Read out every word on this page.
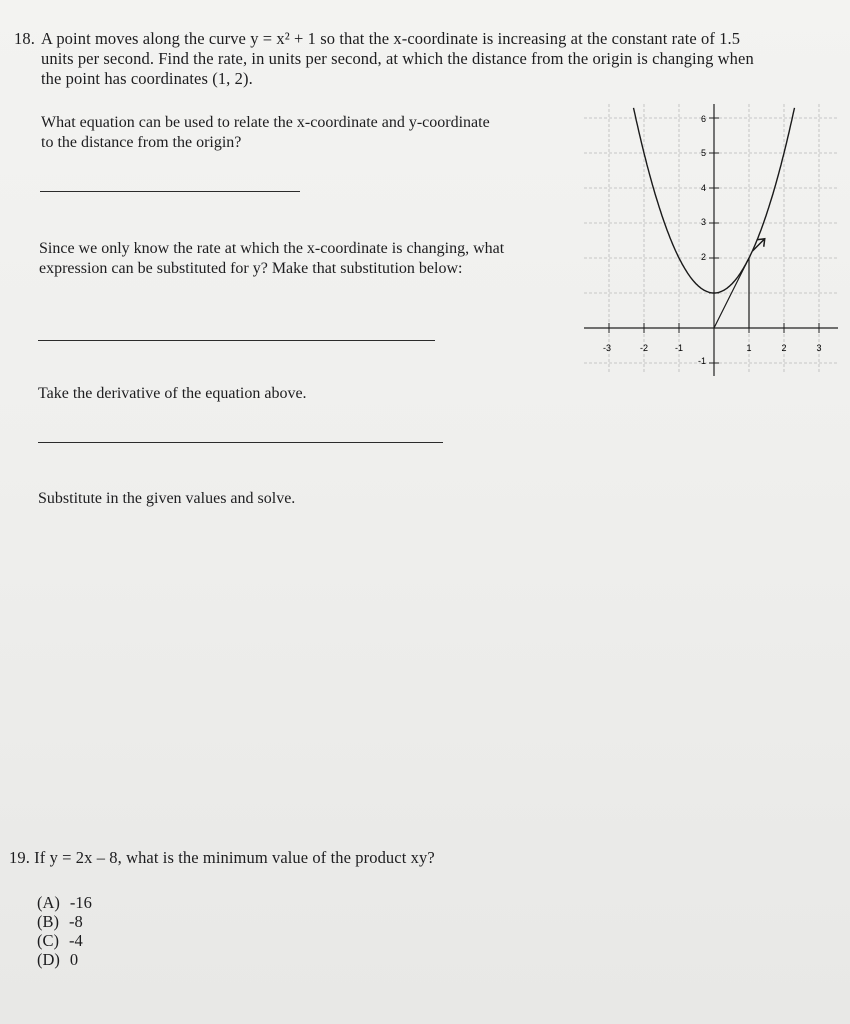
18. A point moves along the curve y = x² + 1 so that the x-coordinate is increasing at the constant rate of 1.5
units per second. Find the rate, in units per second, at which the distance from the origin is changing when
the point has coordinates (1, 2).
What equation can be used to relate the x-coordinate and y-coordinate
to the distance from the origin?
Since we only know the rate at which the x-coordinate is changing, what
expression can be substituted for y? Make that substitution below:
Take the derivative of the equation above.
Substitute in the given values and solve.
-3	-2	-1	1	2	3
6
5
4
3
2
-1
19. If y = 2x – 8, what is the minimum value of the product xy?
(A) -16
(B) -8
(C) -4
(D) 0
